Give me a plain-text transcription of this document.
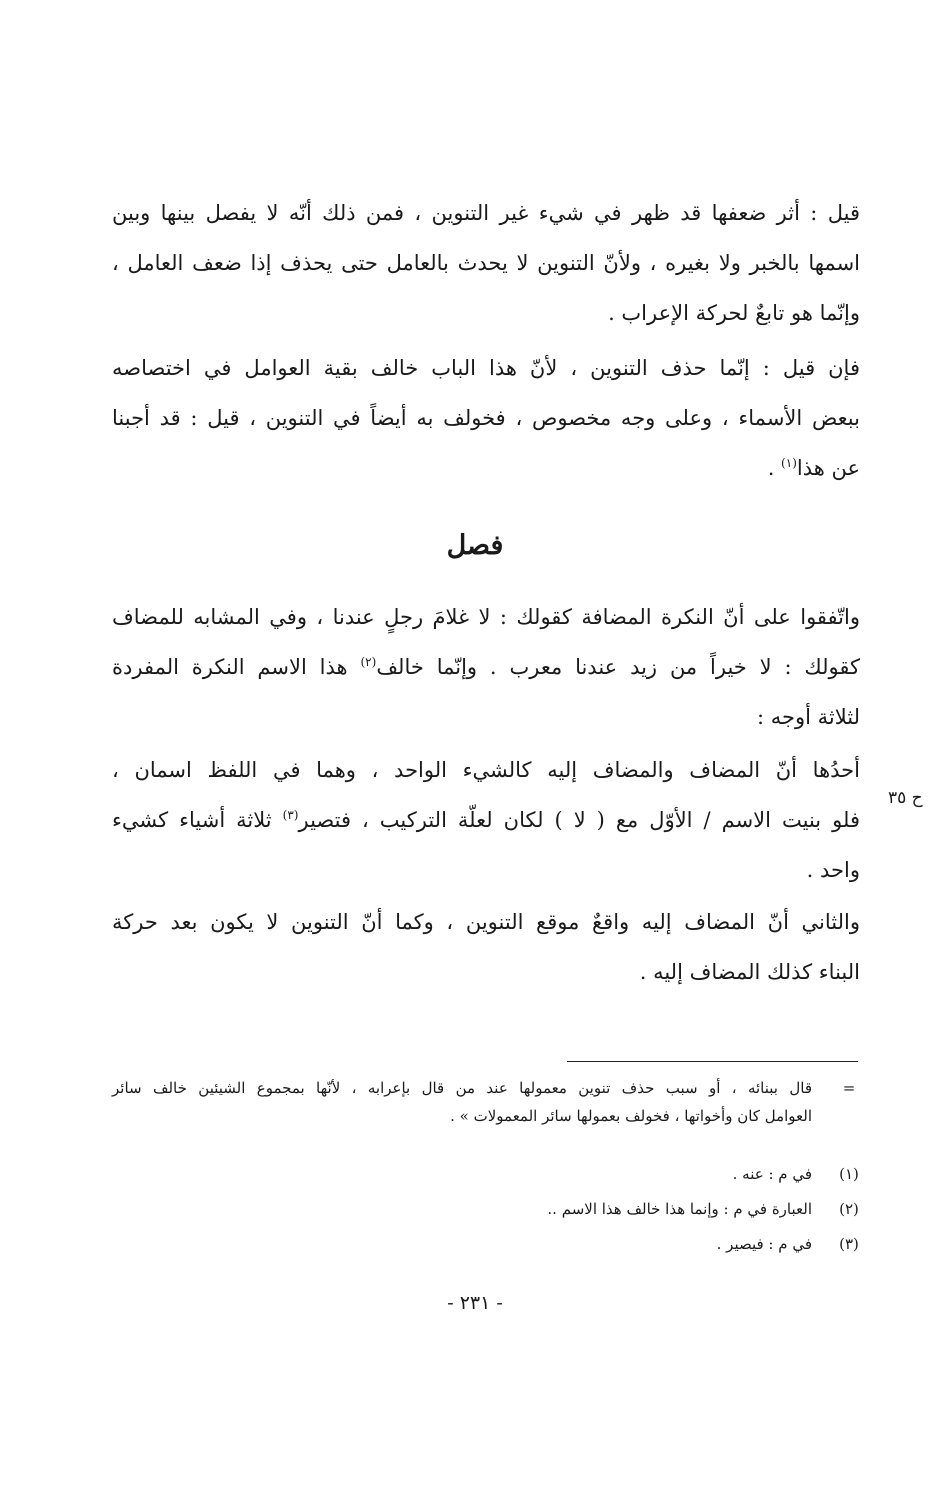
قيل : أثر ضعفها قد ظهر في شيء غير التنوين ، فمن ذلك أنّه لا يفصل بينها وبين
اسمها بالخبر ولا بغيره ، ولأنّ التنوين لا يحدث بالعامل حتى يحذف إذا ضعف العامل ،
وإنّما هو تابعٌ لحركة الإعراب .
فإن قيل : إنّما حذف التنوين ، لأنّ هذا الباب خالف بقية العوامل في اختصاصه
ببعض الأسماء ، وعلى وجه مخصوص ، فخولف به أيضاً في التنوين ، قيل : قد أجبنا
عن هذا$^{(١)}$ .
فصل
واتّفقوا على أنّ النكرة المضافة كقولك : لا غلامَ رجلٍ عندنا ، وفي المشابه للمضاف
كقولك : لا خيراً من زيد عندنا معرب . وإنّما خالف$^{(٢)}$ هذا الاسم النكرة المفردة
لثلاثة أوجه :
أحدُها أنّ المضاف والمضاف إليه كالشيء الواحد ، وهما في اللفظ اسمان ،
فلو بنيت الاسم / الأوّل مع ( لا ) لكان لعلّة التركيب ، فتصير$^{(٣)}$ ثلاثة أشياء كشيء
واحد .
ح ٣٥
والثاني أنّ المضاف إليه واقعٌ موقع التنوين ، وكما أنّ التنوين لا يكون بعد حركة
البناء كذلك المضاف إليه .
=
قال ببنائه ، أو سبب حذف تنوين معمولها عند من قال بإعرابه ، لأنّها بمجموع الشيئين خالف سائر
العوامل كان وأخواتها ، فخولف بعمولها سائر المعمولات » .
(١)
في م : عنه .
(٢)
العبارة في م : وإنما هذا خالف هذا الاسم ..
(٣)
في م : فيصير .
- ٢٣١ -
